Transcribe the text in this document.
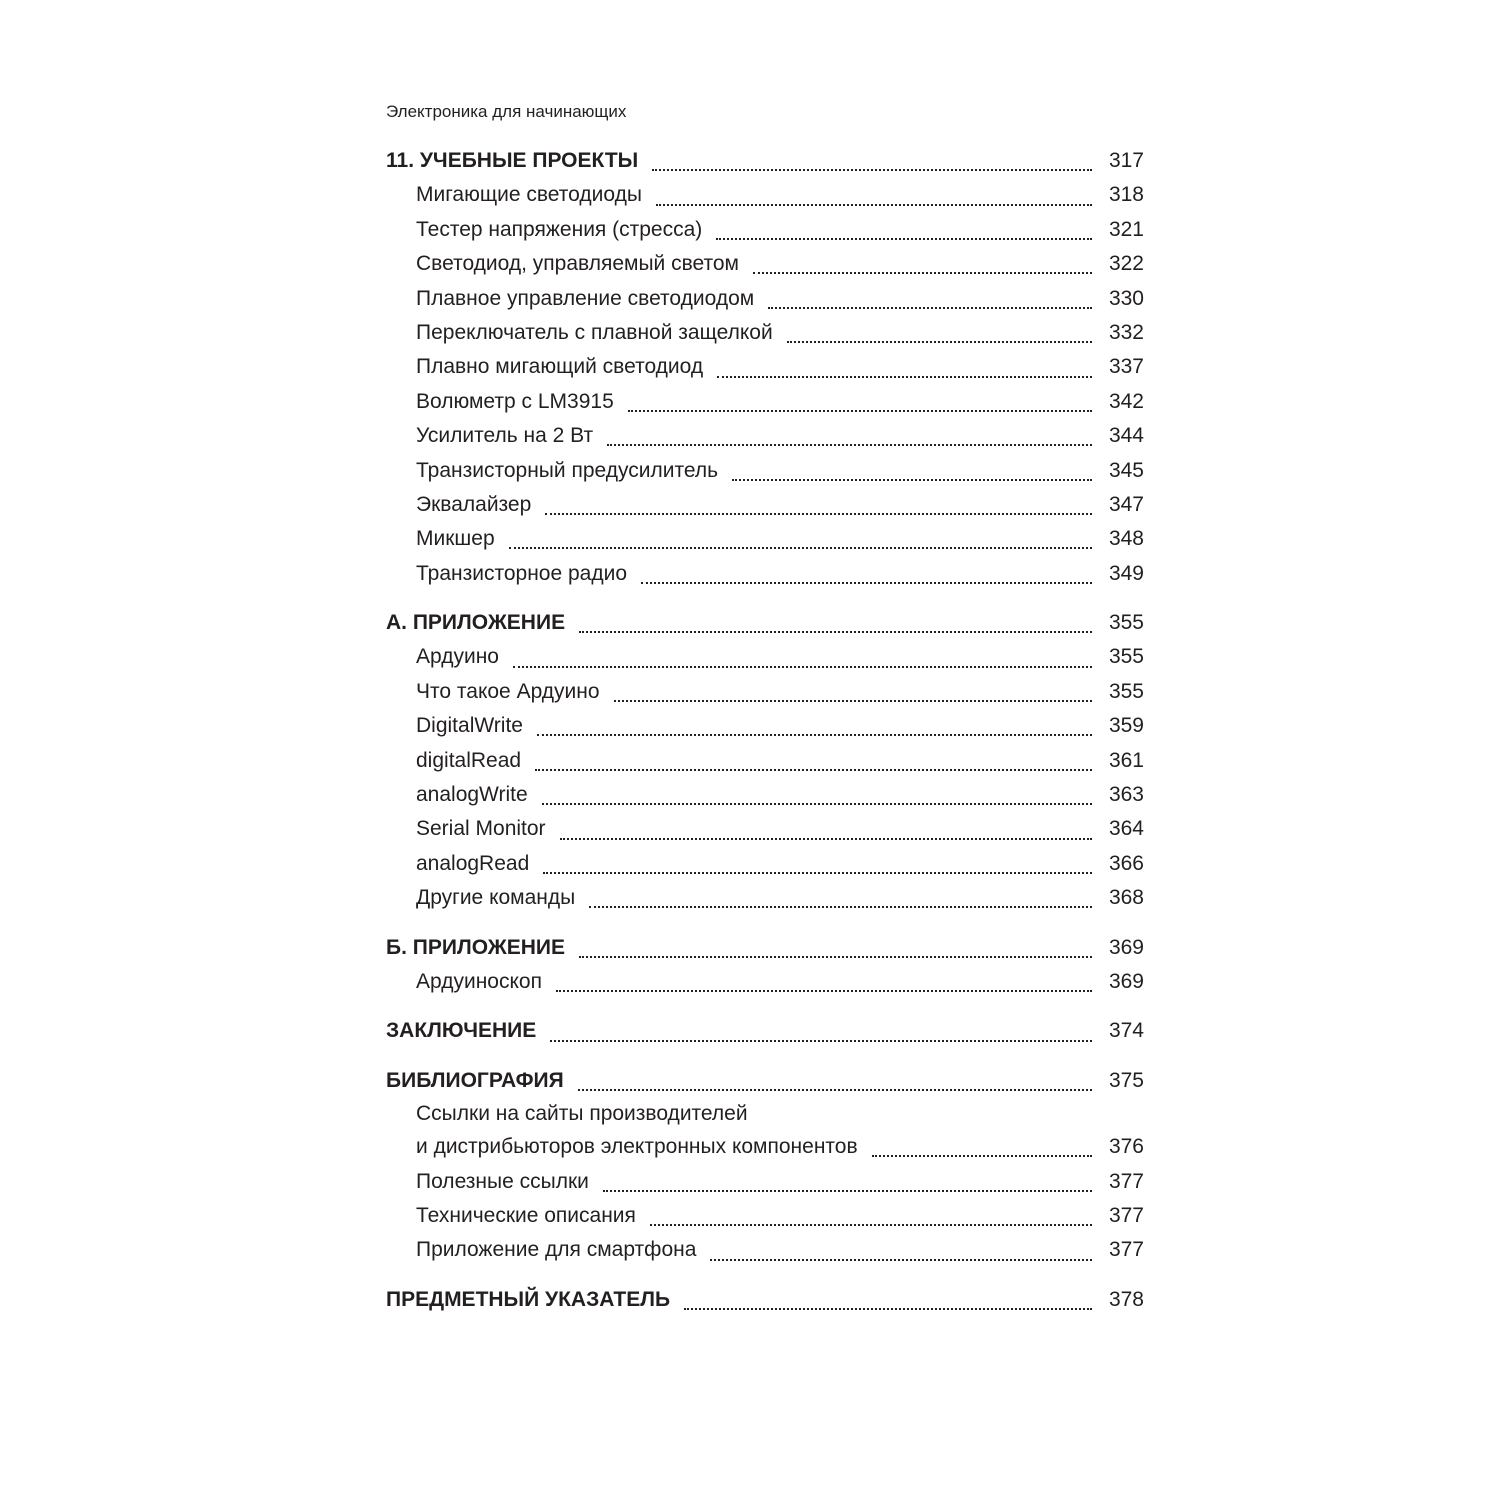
Электроника для начинающих
11. УЧЕБНЫЕ ПРОЕКТЫ	317
Мигающие светодиоды	318
Тестер напряжения (стресса)	321
Светодиод, управляемый светом	322
Плавное управление светодиодом	330
Переключатель с плавной защелкой	332
Плавно мигающий светодиод	337
Волюметр с LM3915	342
Усилитель на 2 Вт	344
Транзисторный предусилитель	345
Эквалайзер	347
Микшер	348
Транзисторное радио	349
А. ПРИЛОЖЕНИЕ	355
Ардуино	355
Что такое Ардуино	355
DigitalWrite	359
digitalRead	361
analogWrite	363
Serial Monitor	364
analogRead	366
Другие команды	368
Б. ПРИЛОЖЕНИЕ	369
Ардуиноскоп	369
ЗАКЛЮЧЕНИЕ	374
БИБЛИОГРАФИЯ	375
Ссылки на сайты производителей
и дистрибьюторов электронных компонентов	376
Полезные ссылки	377
Технические описания	377
Приложение для смартфона	377
ПРЕДМЕТНЫЙ УКАЗАТЕЛЬ	378
